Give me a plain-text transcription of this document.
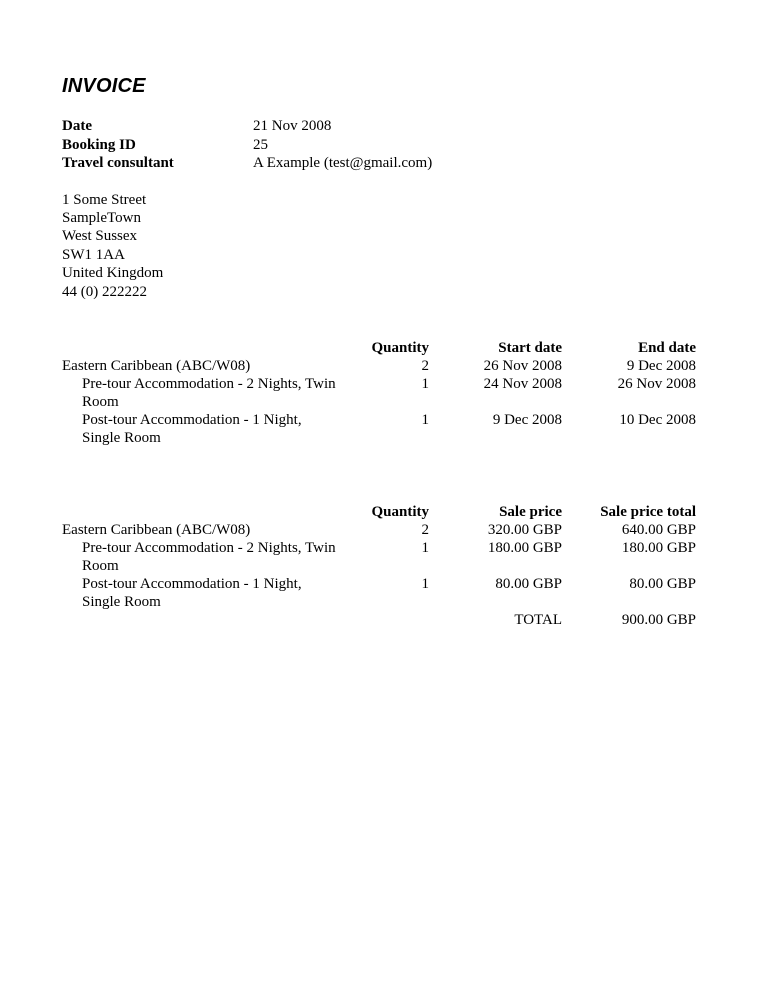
INVOICE
Date	21 Nov 2008
Booking ID	25
Travel consultant	A Example (test@gmail.com)
1 Some Street
SampleTown
West Sussex
SW1 1AA
United Kingdom
44 (0) 222222
	Quantity	Start date	End date
Eastern Caribbean (ABC/W08)	2	26 Nov 2008	9 Dec 2008
Pre-tour Accommodation - 2 Nights, Twin
Room	1	24 Nov 2008	26 Nov 2008
Post-tour Accommodation - 1 Night,
Single Room	1	9 Dec 2008	10 Dec 2008
	Quantity	Sale price	Sale price total
Eastern Caribbean (ABC/W08)	2	320.00 GBP	640.00 GBP
Pre-tour Accommodation - 2 Nights, Twin
Room	1	180.00 GBP	180.00 GBP
Post-tour Accommodation - 1 Night,
Single Room	1	80.00 GBP	80.00 GBP
		TOTAL	900.00 GBP
